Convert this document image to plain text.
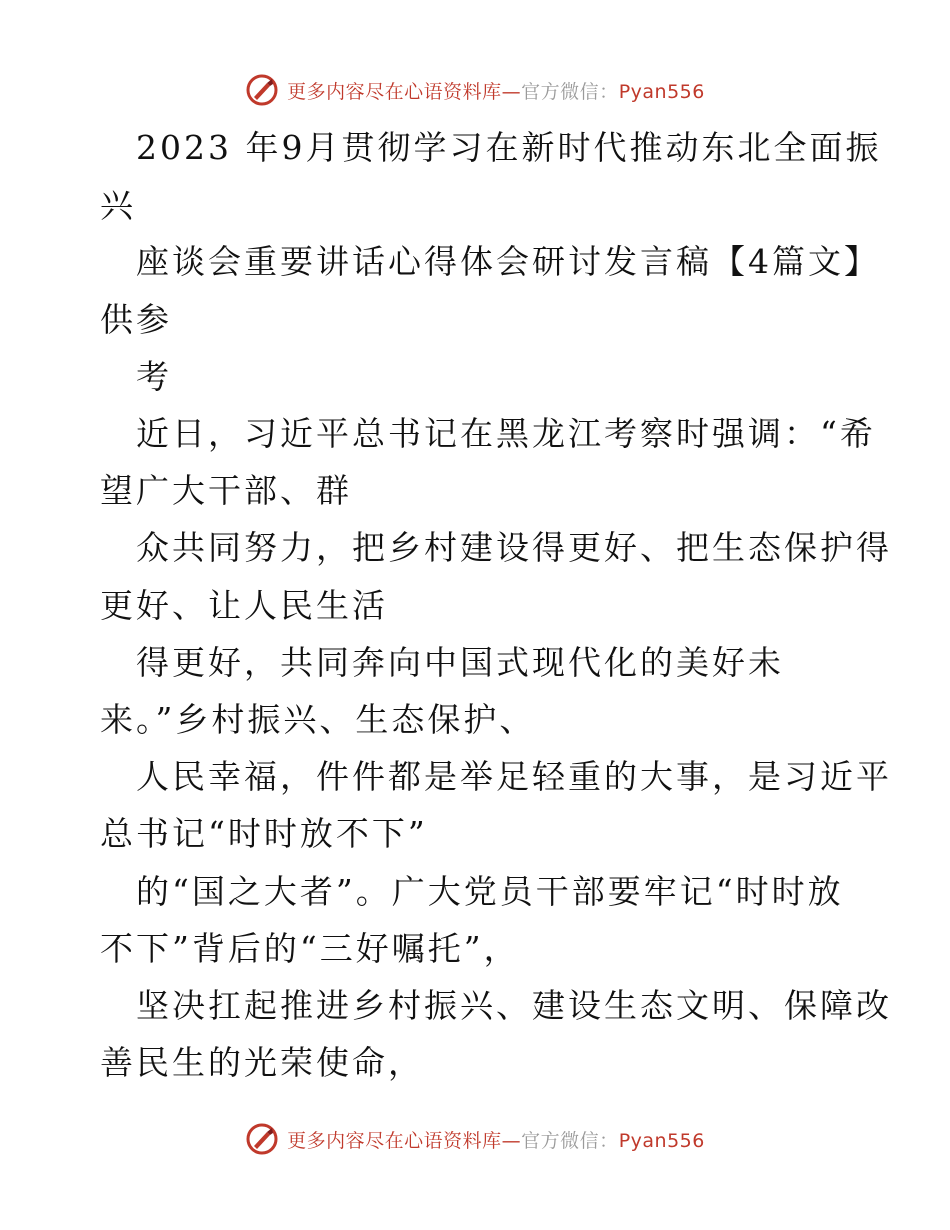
更多内容尽在心语资料库—官方微信：Pyan556
2023 年9月贯彻学习在新时代推动东北全面振
兴
座谈会重要讲话心得体会研讨发言稿【4篇文】
供参
考
近日，习近平总书记在黑龙江考察时强调：“希
望广大干部、群
众共同努力，把乡村建设得更好、把生态保护得
更好、让人民生活
得更好，共同奔向中国式现代化的美好未
来。”乡村振兴、生态保护、
人民幸福，件件都是举足轻重的大事，是习近平
总书记“时时放不下”
的“国之大者”。广大党员干部要牢记“时时放
不下”背后的“三好嘱托”，
坚决扛起推进乡村振兴、建设生态文明、保障改
善民生的光荣使命，
更多内容尽在心语资料库—官方微信：Pyan556
